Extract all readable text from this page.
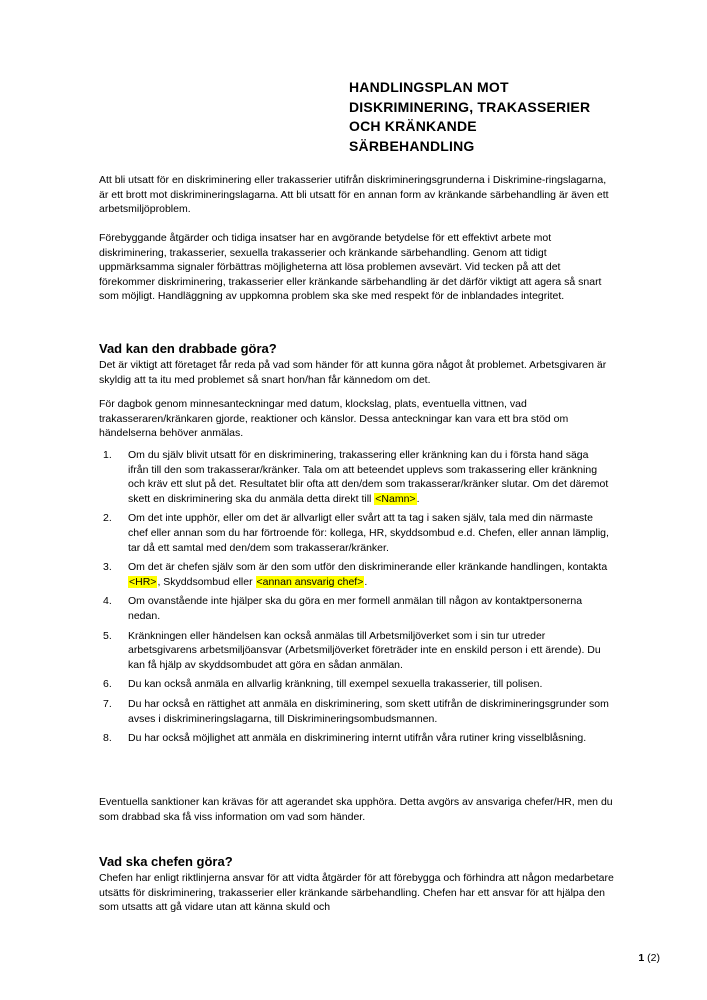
HANDLINGSPLAN MOT
DISKRIMINERING, TRAKASSERIER
OCH KRÄNKANDE
SÄRBEHANDLING
Att bli utsatt för en diskriminering eller trakasserier utifrån diskrimineringsgrunderna i Diskrimine-ringslagarna, är ett brott mot diskrimineringslagarna. Att bli utsatt för en annan form av kränkande särbehandling är även ett arbetsmiljöproblem.
Förebyggande åtgärder och tidiga insatser har en avgörande betydelse för ett effektivt arbete mot diskriminering, trakasserier, sexuella trakasserier och kränkande särbehandling. Genom att tidigt uppmärksamma signaler förbättras möjligheterna att lösa problemen avsevärt. Vid tecken på att det förekommer diskriminering, trakasserier eller kränkande särbehandling är det därför viktigt att agera så snart som möjligt. Handläggning av uppkomna problem ska ske med respekt för de inblandades integritet.
Vad kan den drabbade göra?
Det är viktigt att företaget får reda på vad som händer för att kunna göra något åt problemet. Arbetsgivaren är skyldig att ta itu med problemet så snart hon/han får kännedom om det.
För dagbok genom minnesanteckningar med datum, klockslag, plats, eventuella vittnen, vad trakasseraren/kränkaren gjorde, reaktioner och känslor. Dessa anteckningar kan vara ett bra stöd om händelserna behöver anmälas.
1.	Om du själv blivit utsatt för en diskriminering, trakassering eller kränkning kan du i första hand säga ifrån till den som trakasserar/kränker. Tala om att beteendet upplevs som trakassering eller kränkning och kräv ett slut på det. Resultatet blir ofta att den/dem som trakasserar/kränker slutar. Om det däremot skett en diskriminering ska du anmäla detta direkt till <Namn>.
2.	Om det inte upphör, eller om det är allvarligt eller svårt att ta tag i saken själv, tala med din närmaste chef eller annan som du har förtroende för: kollega, HR, skyddsombud e.d. Chefen, eller annan lämplig, tar då ett samtal med den/dem som trakasserar/kränker.
3.	Om det är chefen själv som är den som utför den diskriminerande eller kränkande handlingen, kontakta <HR>, Skyddsombud eller <annan ansvarig chef>.
4.	Om ovanstående inte hjälper ska du göra en mer formell anmälan till någon av kontaktpersonerna nedan.
5.	Kränkningen eller händelsen kan också anmälas till Arbetsmiljöverket som i sin tur utreder arbetsgivarens arbetsmiljöansvar (Arbetsmiljöverket företräder inte en enskild person i ett ärende). Du kan få hjälp av skyddsombudet att göra en sådan anmälan.
6.	Du kan också anmäla en allvarlig kränkning, till exempel sexuella trakasserier, till polisen.
7.	Du har också en rättighet att anmäla en diskriminering, som skett utifrån de diskrimineringsgrunder som avses i diskrimineringslagarna, till Diskrimineringsombudsmannen.
8.	Du har också möjlighet att anmäla en diskriminering internt utifrån våra rutiner kring visselblåsning.
Eventuella sanktioner kan krävas för att agerandet ska upphöra. Detta avgörs av ansvariga chefer/HR, men du som drabbad ska få viss information om vad som händer.
Vad ska chefen göra?
Chefen har enligt riktlinjerna ansvar för att vidta åtgärder för att förebygga och förhindra att någon medarbetare utsätts för diskriminering, trakasserier eller kränkande särbehandling. Chefen har ett ansvar för att hjälpa den som utsatts att gå vidare utan att känna skuld och
1 (2)
